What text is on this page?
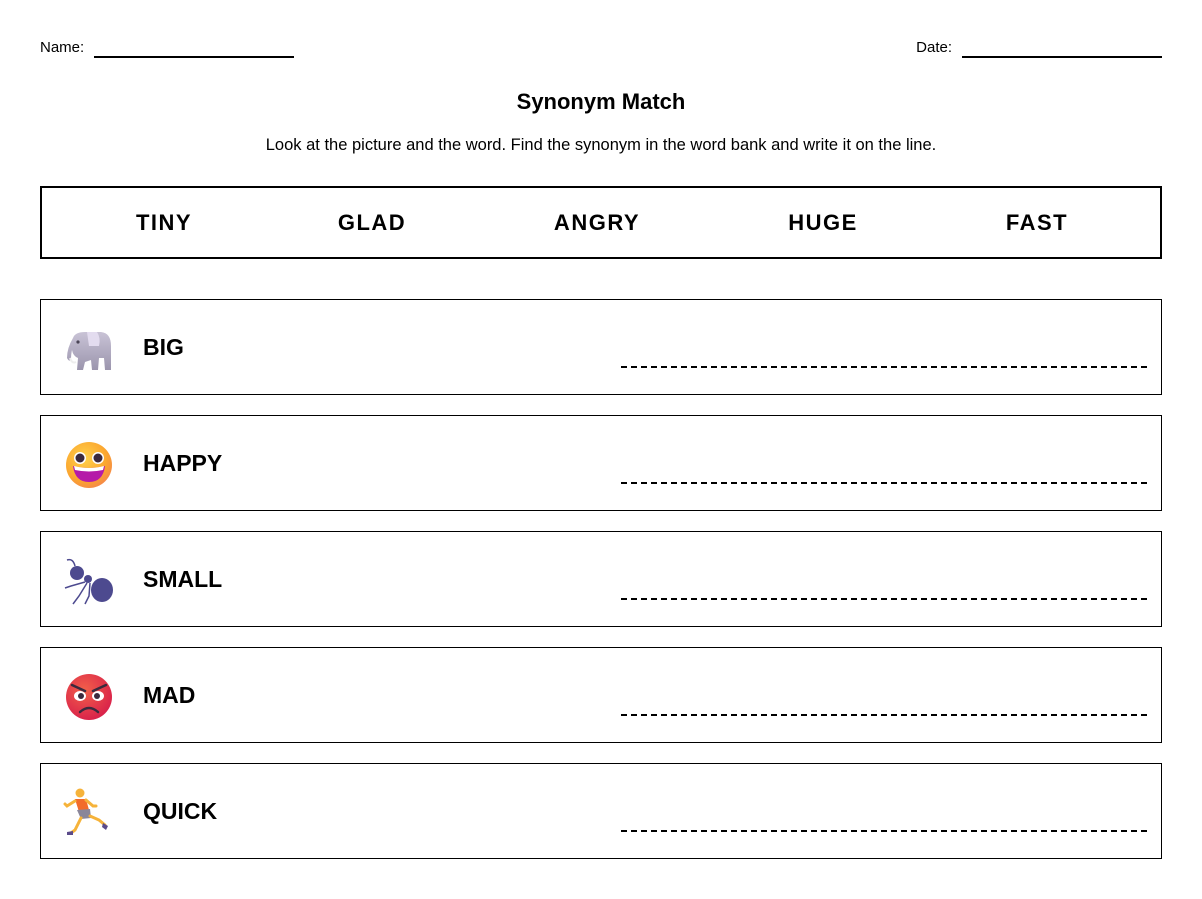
Name:	Date:
Synonym Match
Look at the picture and the word. Find the synonym in the word bank and write it on the line.
TINY	GLAD	ANGRY	HUGE	FAST
BIG
HAPPY
SMALL
MAD
QUICK
